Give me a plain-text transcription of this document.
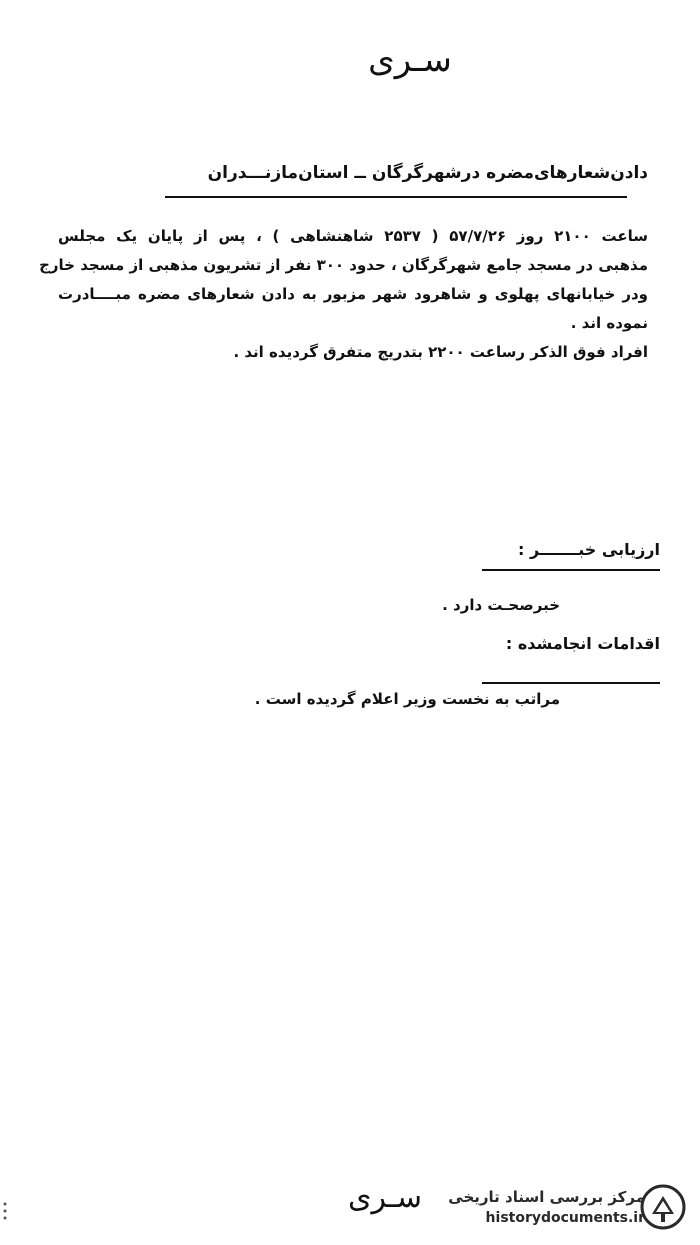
سـری
دادن‌شعارهای‌مضره درشهرگرگان ــ استان‌مازنـــدران
ساعت ۲۱۰۰ روز ۵۷/۷/۲۶ ( ۲۵۳۷ شاهنشاهی ) ، پس از پایان یک مجلس
مذهبی در مسجد جامع شهرگرگان ، حدود ۳۰۰ نفر از تشریون مذهبی از مسجد خارج
ودر خیابانهای پهلوی و شاهرود شهر مزبور به دادن شعارهای مضره مبــــادرت
نموده اند .
افراد فوق الذکر رساعت ۲۲۰۰ بتدریج متفرق گردیده اند .
ارزیابی خبـــــــر :
خبرصحـت دارد .
اقدامات انجامشده :
مراتب به نخست وزیر اعلام گردیده است .
سـری	مرکز بررسی اسناد تاریخی
historydocuments.ir
